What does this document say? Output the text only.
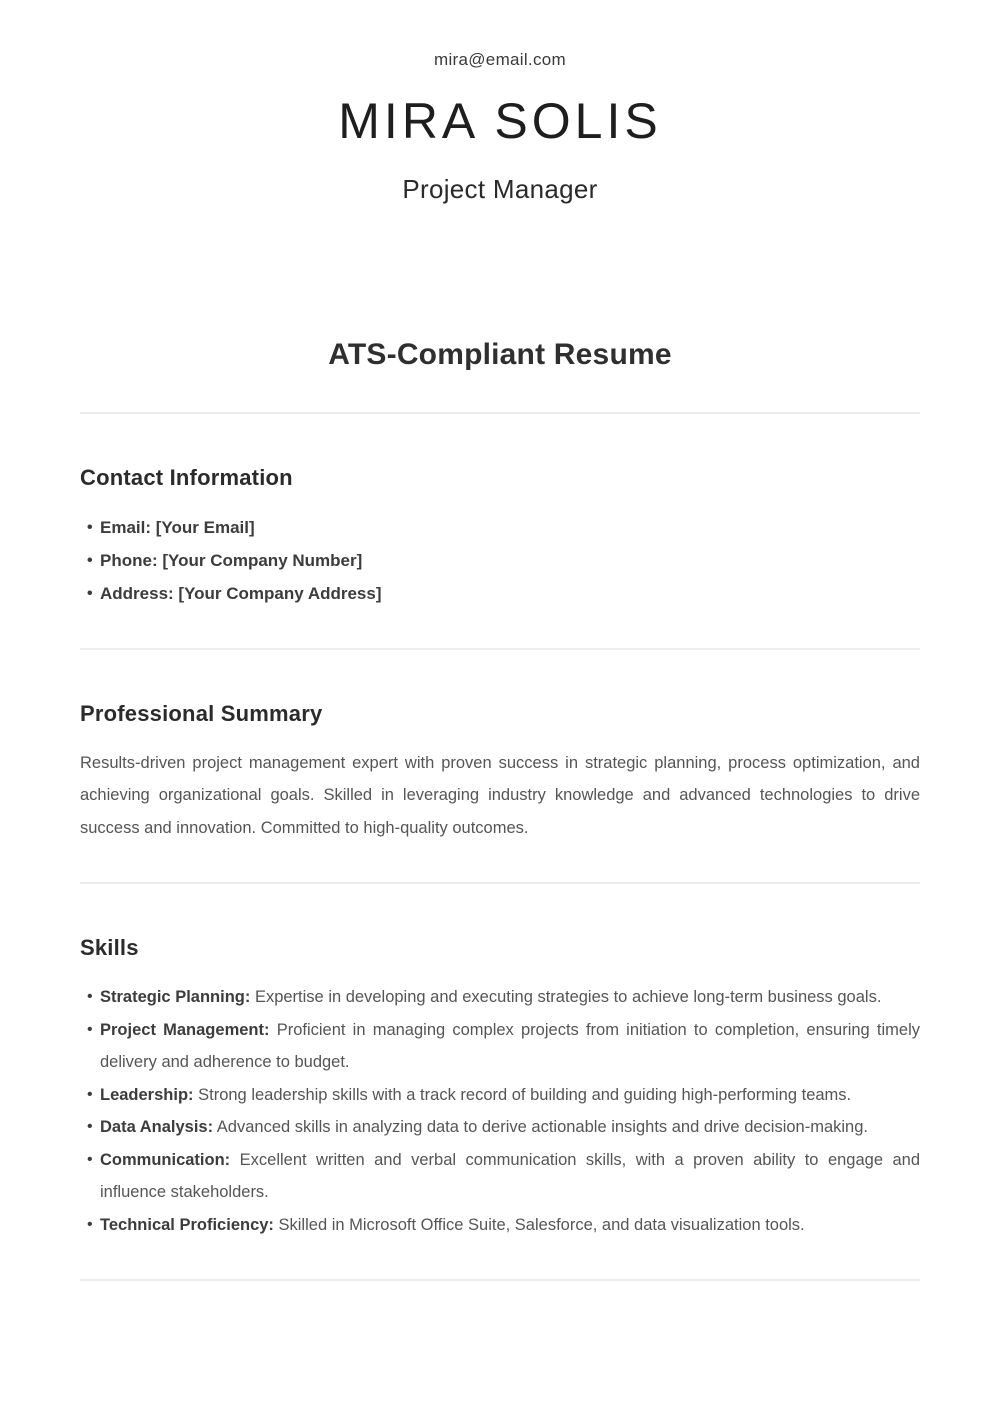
mira@email.com
MIRA SOLIS
Project Manager
ATS-Compliant Resume
Contact Information
• Email: [Your Email]
• Phone: [Your Company Number]
• Address: [Your Company Address]
Professional Summary

Results-driven project management expert with proven success in strategic planning, process optimization, and achieving organizational goals. Skilled in leveraging industry knowledge and advanced technologies to drive success and innovation. Committed to high-quality outcomes.

Skills
• Strategic Planning: Expertise in developing and executing strategies to achieve long-term business goals.
• Project Management: Proficient in managing complex projects from initiation to completion, ensuring timely delivery and adherence to budget.
• Leadership: Strong leadership skills with a track record of building and guiding high-performing teams.
• Data Analysis: Advanced skills in analyzing data to derive actionable insights and drive decision-making.
• Communication: Excellent written and verbal communication skills, with a proven ability to engage and influence stakeholders.
• Technical Proficiency: Skilled in Microsoft Office Suite, Salesforce, and data visualization tools.
